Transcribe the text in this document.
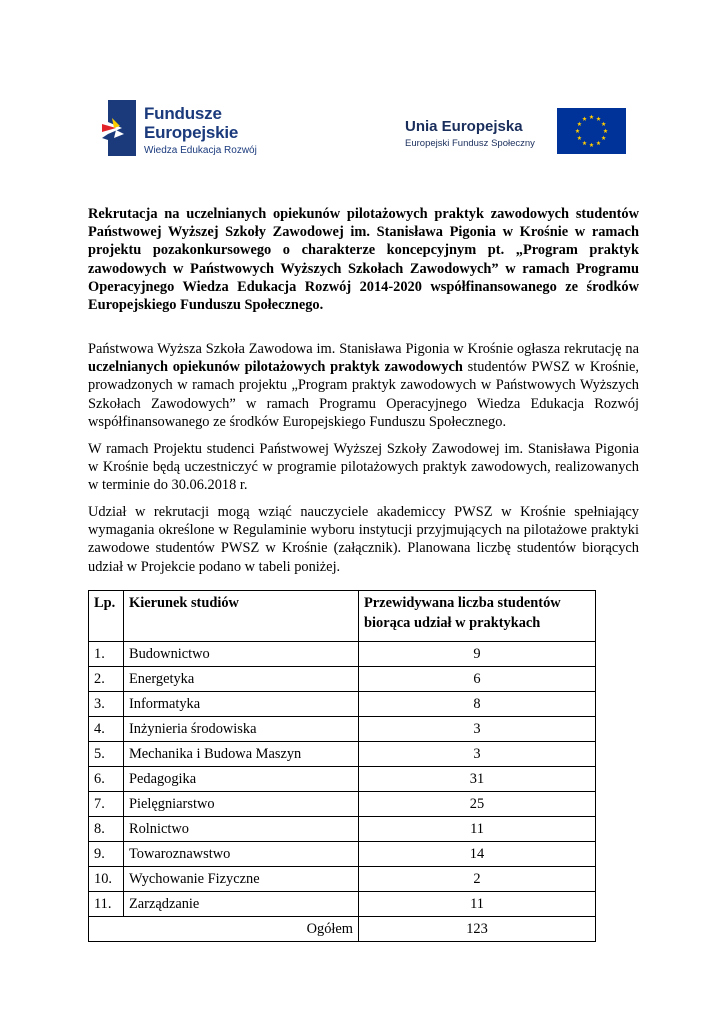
Fundusze
Europejskie
Wiedza Edukacja Rozwój
Unia Europejska
Europejski Fundusz Społeczny
Rekrutacja na uczelnianych opiekunów pilotażowych praktyk zawodowych studentów Państwowej Wyższej Szkoły Zawodowej im. Stanisława Pigonia w Krośnie w ramach projektu pozakonkursowego o charakterze koncepcyjnym pt. „Program praktyk zawodowych w Państwowych Wyższych Szkołach Zawodowych” w ramach Programu Operacyjnego Wiedza Edukacja Rozwój 2014-2020 współfinansowanego ze środków Europejskiego Funduszu Społecznego.
Państwowa Wyższa Szkoła Zawodowa im. Stanisława Pigonia w Krośnie ogłasza rekrutację na uczelnianych opiekunów pilotażowych praktyk zawodowych studentów PWSZ w Krośnie, prowadzonych w ramach projektu „Program praktyk zawodowych w Państwowych Wyższych Szkołach Zawodowych” w ramach Programu Operacyjnego Wiedza Edukacja Rozwój współfinansowanego ze środków Europejskiego Funduszu Społecznego.
W ramach Projektu studenci Państwowej Wyższej Szkoły Zawodowej im. Stanisława Pigonia w Krośnie będą uczestniczyć w programie pilotażowych praktyk zawodowych, realizowanych w terminie do 30.06.2018 r.
Udział w rekrutacji mogą wziąć nauczyciele akademiccy PWSZ w Krośnie spełniający wymagania określone w Regulaminie wyboru instytucji przyjmujących na pilotażowe praktyki zawodowe studentów PWSZ w Krośnie (załącznik). Planowana liczbę studentów biorących udział w Projekcie podano w tabeli poniżej.
Lp.	Kierunek studiów	Przewidywana liczba studentów biorąca udział w praktykach
1.	Budownictwo	9
2.	Energetyka	6
3.	Informatyka	8
4.	Inżynieria środowiska	3
5.	Mechanika i Budowa Maszyn	3
6.	Pedagogika	31
7.	Pielęgniarstwo	25
8.	Rolnictwo	11
9.	Towaroznawstwo	14
10.	Wychowanie Fizyczne	2
11.	Zarządzanie	11
Ogółem		123
